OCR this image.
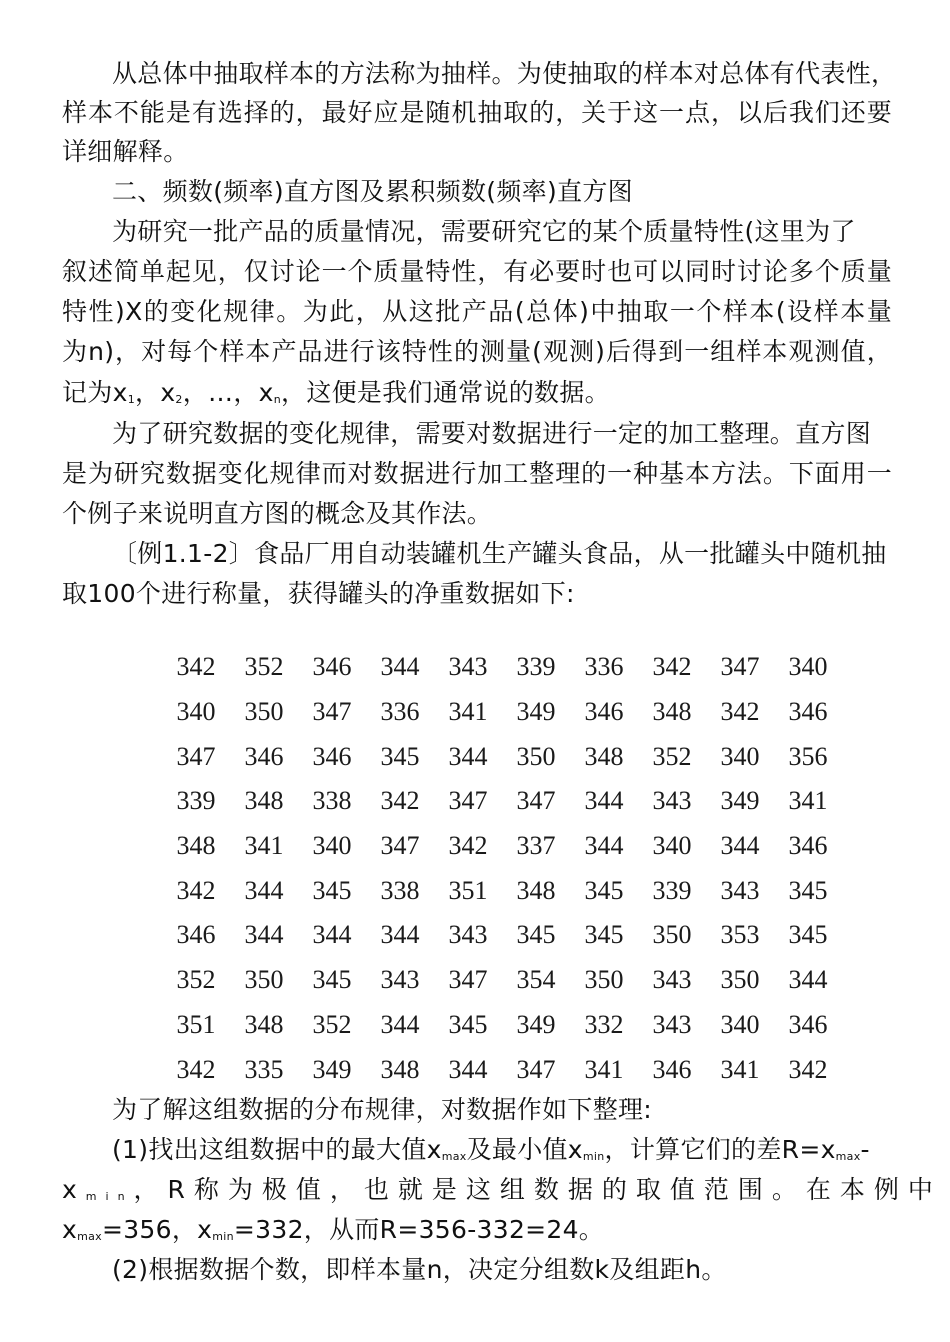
从总体中抽取样本的方法称为抽样。为使抽取的样本对总体有代表性，
样本不能是有选择的，最好应是随机抽取的，关于这一点，以后我们还要
详细解释。
二、频数(频率)直方图及累积频数(频率)直方图
为研究一批产品的质量情况，需要研究它的某个质量特性(这里为了
叙述简单起见，仅讨论一个质量特性，有必要时也可以同时讨论多个质量
特性)X的变化规律。为此，从这批产品(总体)中抽取一个样本(设样本量
为n)，对每个样本产品进行该特性的测量(观测)后得到一组样本观测值，
记为$x_1$，$x_2$，…，$x_n$，这便是我们通常说的数据。
为了研究数据的变化规律，需要对数据进行一定的加工整理。直方图
是为研究数据变化规律而对数据进行加工整理的一种基本方法。下面用一
个例子来说明直方图的概念及其作法。
〔例1.1-2〕食品厂用自动装罐机生产罐头食品，从一批罐头中随机抽
取100个进行称量，获得罐头的净重数据如下:
342	352	346	344	343	339	336	342	347	340
340	350	347	336	341	349	346	348	342	346
347	346	346	345	344	350	348	352	340	356
339	348	338	342	347	347	344	343	349	341
348	341	340	347	342	337	344	340	344	346
342	344	345	338	351	348	345	339	343	345
346	344	344	344	343	345	345	350	353	345
352	350	345	343	347	354	350	343	350	344
351	348	352	344	345	349	332	343	340	346
342	335	349	348	344	347	341	346	341	342
为了解这组数据的分布规律，对数据作如下整理:
(1)找出这组数据中的最大值$x_{max}$及最小值$x_{min}$，计算它们的差$R=x_{max}-$
$x_{min}$，R称为极值，也就是这组数据的取值范围。在本例中
$x_{max}=356$，$x_{min}=332$，从而R=356-332=24。
(2)根据数据个数，即样本量n，决定分组数k及组距h。
